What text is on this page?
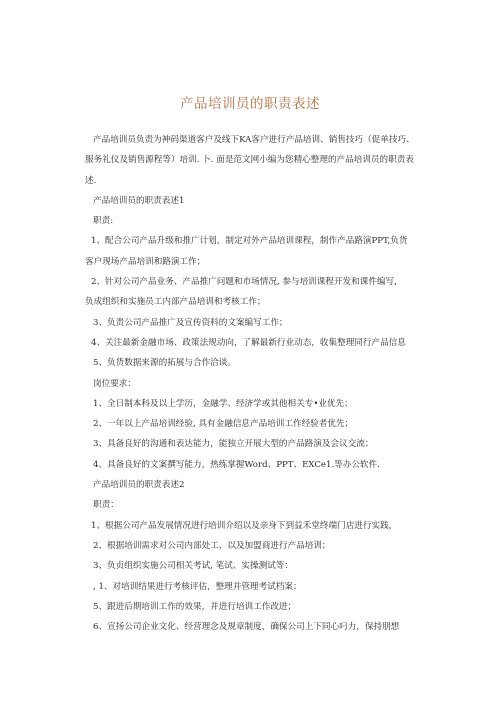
产品培训员的职责表述

产品培训员负责为神码渠道客户及线下KA客户进行产品培训、销售技巧（促单技巧、

服务礼仪及销售源程等）培训. 卜. 面是范文网小编为您精心整理的产品培训员的职责表

述.

产品培训员的职责表述1

职责:

1、配合公司产品升级和推广计划，制定对外产品培训课程，制作产品路演PPT,负货

客户现场产品培训和路演工作；

2、针对公司产品业务、产品推广问题和市场情况, 参与培训课程开发和课件编写,

负成组织和实施员工内部产品培训和考核工作；

3、负责公司产品推广及宣传资料的文案编写工作；

4、关注最新金融市场、政策法规动向，了解最新行业动态，收集整理同行产品信息

5、负货数据来源的拓展与合作洽谈。

岗位要求：

1、全日制本科及以上学历，金融学、经济学或其他相关专•业优先；

2、一年以上产品培训经验, 具有金融信息产品培训工作经验者优先；

3、具备良好的沟通和表达能力，能独立开展大型的产品路演及会议交流；

4、具备良好的文案撰写能力，热练掌握Word、PPT、EXCe1.等办公软件.

产品培训员的职责表述2

职责：

1、根据公司产品发展情况进行培训介绍以及亲身下到益禾堂终端门店进行实践，

2、根据培训需求对公司内部处工、以及加盟商进行产品培训；

3、负贞组织实施公司相关考试, 笔试、实操测试等：

, 1、对培训结果进行考核评估，整理并管理考试档案；

5、跟进后期培训工作的效果，并进行培训工作改进；

6、宣扬公司企业文化、经营理念及规章制度，确保公司上下同心叼力，保持朋想
